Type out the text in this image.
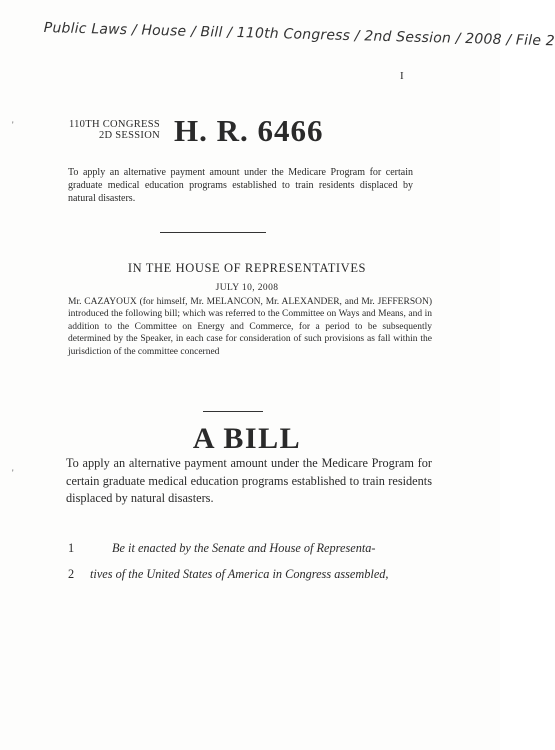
Public Laws / House / Bill / 110th Congress / 2nd Session / 2008 / File 2
I
'
'
110TH CONGRESS
2D SESSION H. R. 6466
To apply an alternative payment amount under the Medicare Program for certain graduate medical education programs established to train residents displaced by natural disasters.
IN THE HOUSE OF REPRESENTATIVES
JULY 10, 2008
Mr. CAZAYOUX (for himself, Mr. MELANCON, Mr. ALEXANDER, and Mr. JEFFERSON) introduced the following bill; which was referred to the Committee on Ways and Means, and in addition to the Committee on Energy and Commerce, for a period to be subsequently determined by the Speaker, in each case for consideration of such provisions as fall within the jurisdiction of the committee concerned
A BILL
To apply an alternative payment amount under the Medicare Program for certain graduate medical education programs established to train residents displaced by natural disasters.
1	Be it enacted by the Senate and House of Representa-
2 tives of the United States of America in Congress assembled,
